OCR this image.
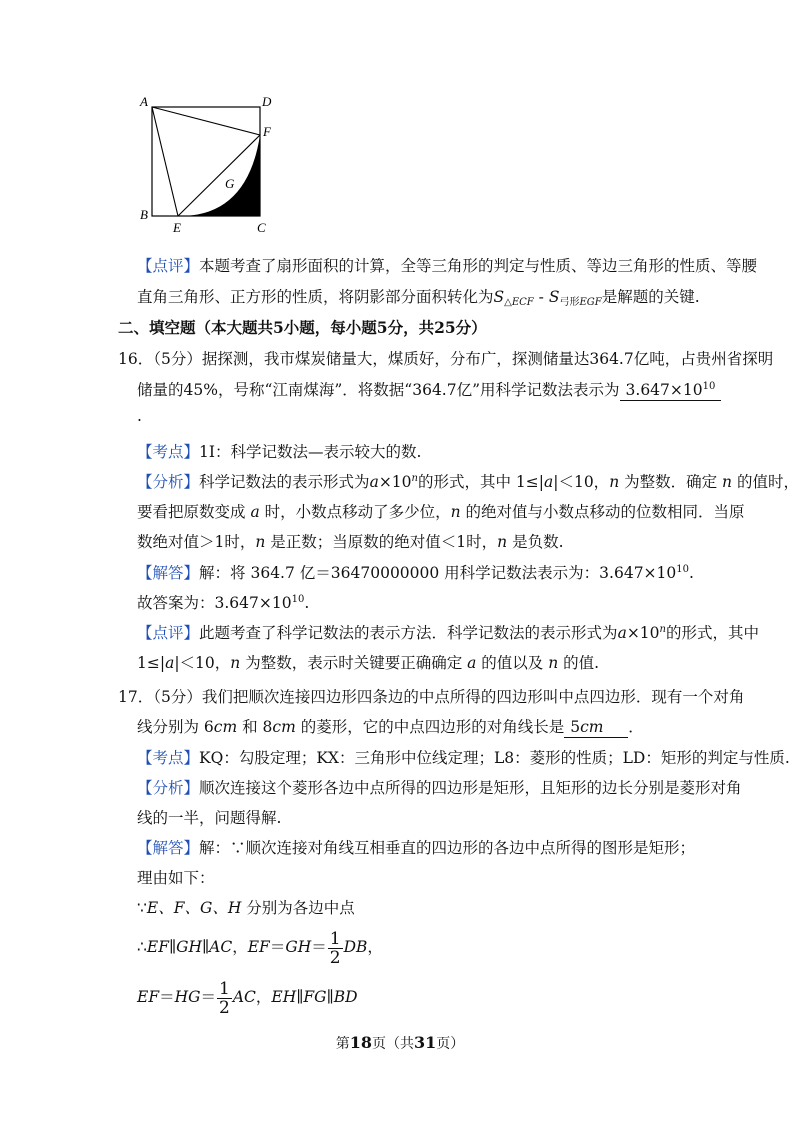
A	D
F
G
B
E	C
【点评】本题考查了扇形面积的计算，全等三角形的判定与性质、等边三角形的性质、等腰
直角三角形、正方形的性质，将阴影部分面积转化为$S_{\triangle ECF} - S_{弓形EGF}$是解题的关键.
二、填空题（本大题共5小题，每小题5分，共25分）
16．（5分）据探测，我市煤炭储量大，煤质好，分布广，探测储量达364.7亿吨，占贵州省探明
储量的45%，号称“江南煤海”．将数据“364.7亿”用科学记数法表示为 $3.647\times 10^{10}$
.
【考点】1I：科学记数法—表示较大的数.
【分析】科学记数法的表示形式为$a\times 10^n$的形式，其中 1≤|a|＜10，n 为整数．确定 n 的值时，
要看把原数变成 a 时，小数点移动了多少位，n 的绝对值与小数点移动的位数相同．当原
数绝对值＞1时，n 是正数；当原数的绝对值＜1时，n 是负数.
【解答】解：将 364.7 亿＝36470000000 用科学记数法表示为：$3.647\times 10^{10}$.
故答案为：$3.647\times 10^{10}$.
【点评】此题考查了科学记数法的表示方法．科学记数法的表示形式为$a\times 10^n$的形式，其中
1≤|a|＜10，n 为整数，表示时关键要正确确定 a 的值以及 n 的值.
17．（5分）我们把顺次连接四边形四条边的中点所得的四边形叫中点四边形．现有一个对角
线分别为 6cm 和 8cm 的菱形，它的中点四边形的对角线长是 5cm ．
【考点】KQ：勾股定理；KX：三角形中位线定理；L8：菱形的性质；LD：矩形的判定与性质.
【分析】顺次连接这个菱形各边中点所得的四边形是矩形，且矩形的边长分别是菱形对角
线的一半，问题得解.
【解答】解：∵顺次连接对角线互相垂直的四边形的各边中点所得的图形是矩形；
理由如下：
∵E、F、G、H 分别为各边中点
∴EF∥GH∥AC，$EF=GH= \frac{1}{2}$ DB，
$EF=HG= \frac{1}{2}$ AC，EH∥FG∥BD
第18页（共31页）
